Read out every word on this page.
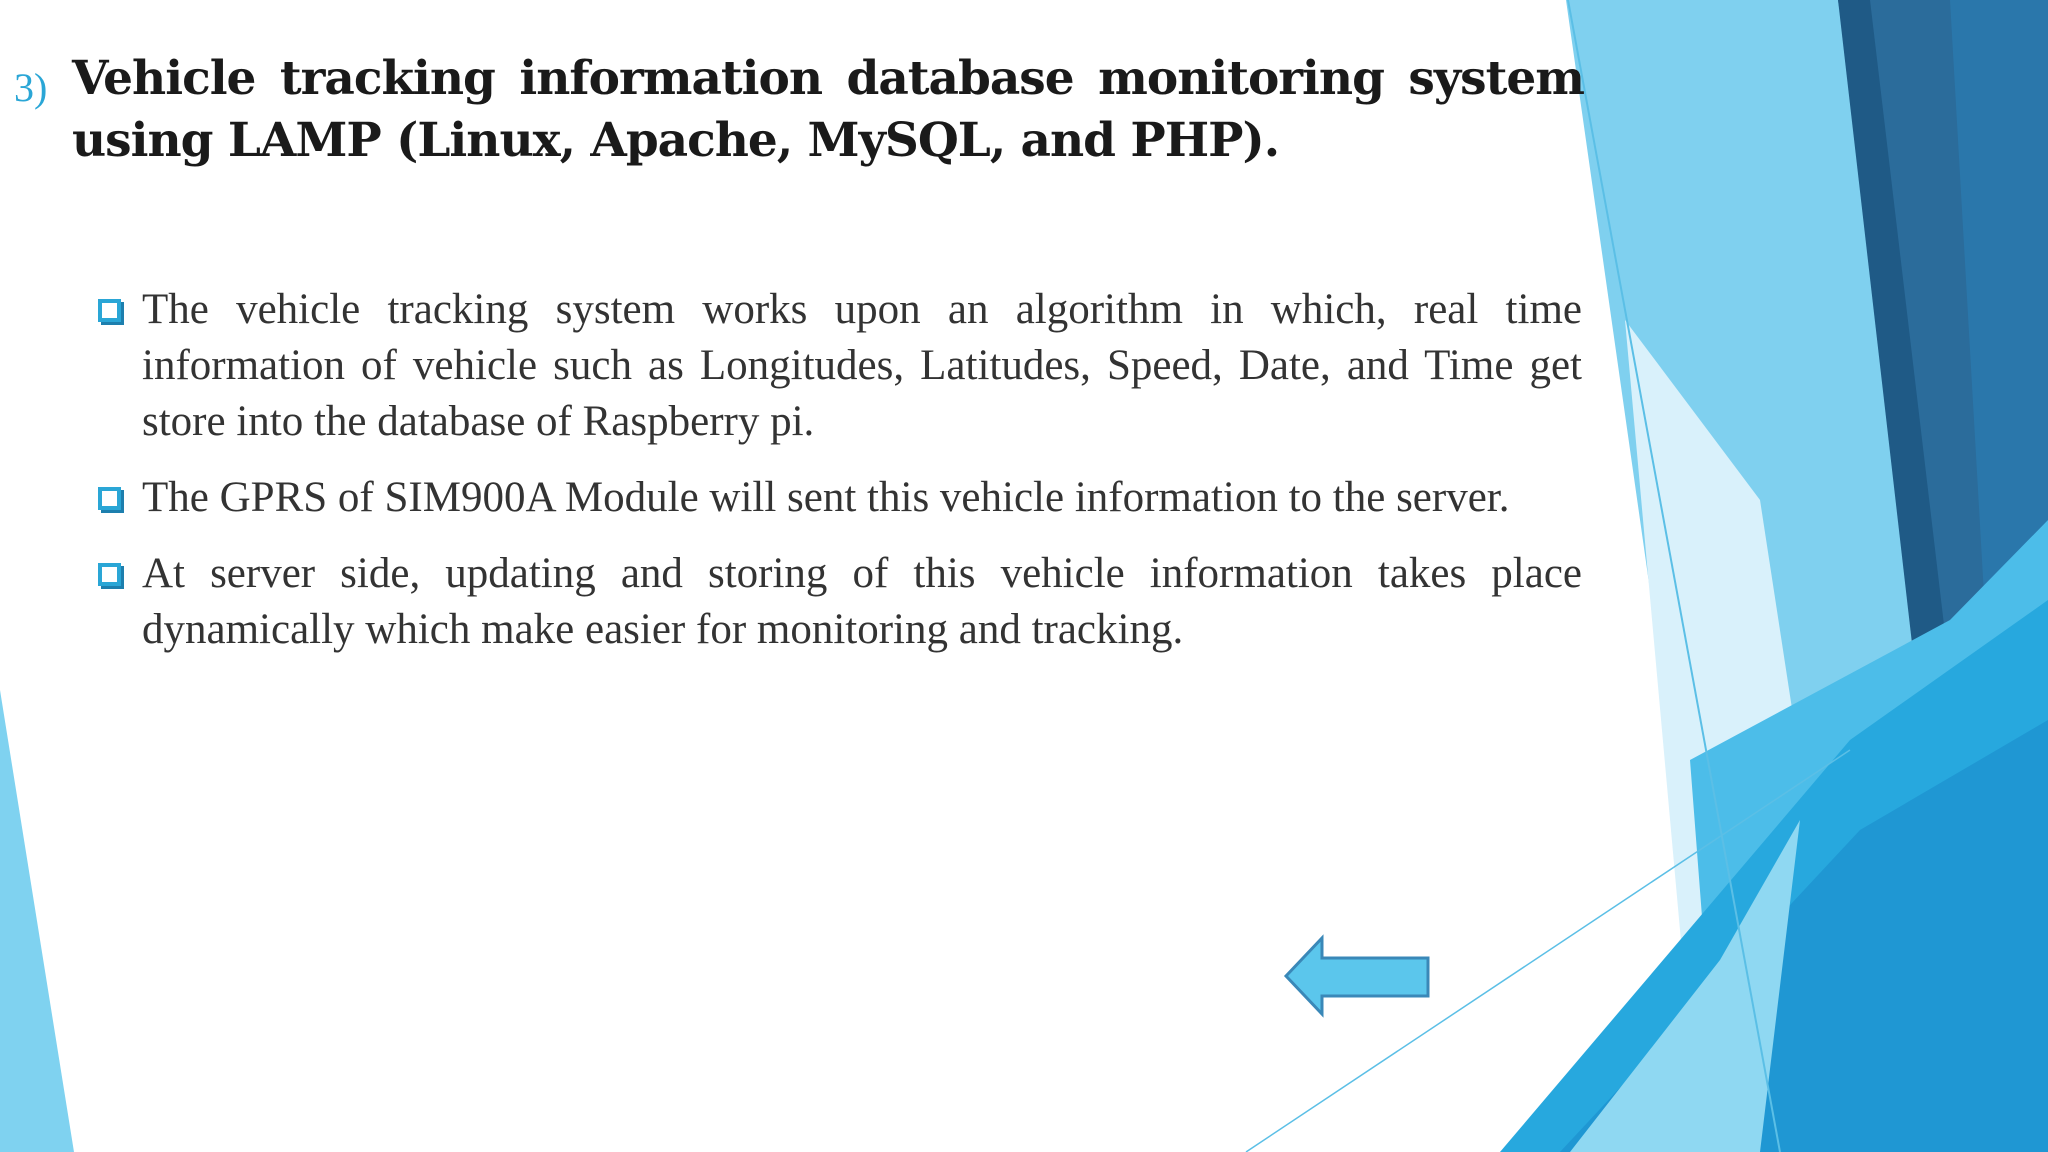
3) Vehicle tracking information database monitoring system using LAMP (Linux, Apache, MySQL, and PHP).
The vehicle tracking system works upon an algorithm in which, real time information of vehicle such as Longitudes, Latitudes, Speed, Date, and Time get store into the database of Raspberry pi.
The GPRS of SIM900A Module will sent this vehicle information to the server.
At server side, updating and storing of this vehicle information takes place dynamically which make easier for monitoring and tracking.
